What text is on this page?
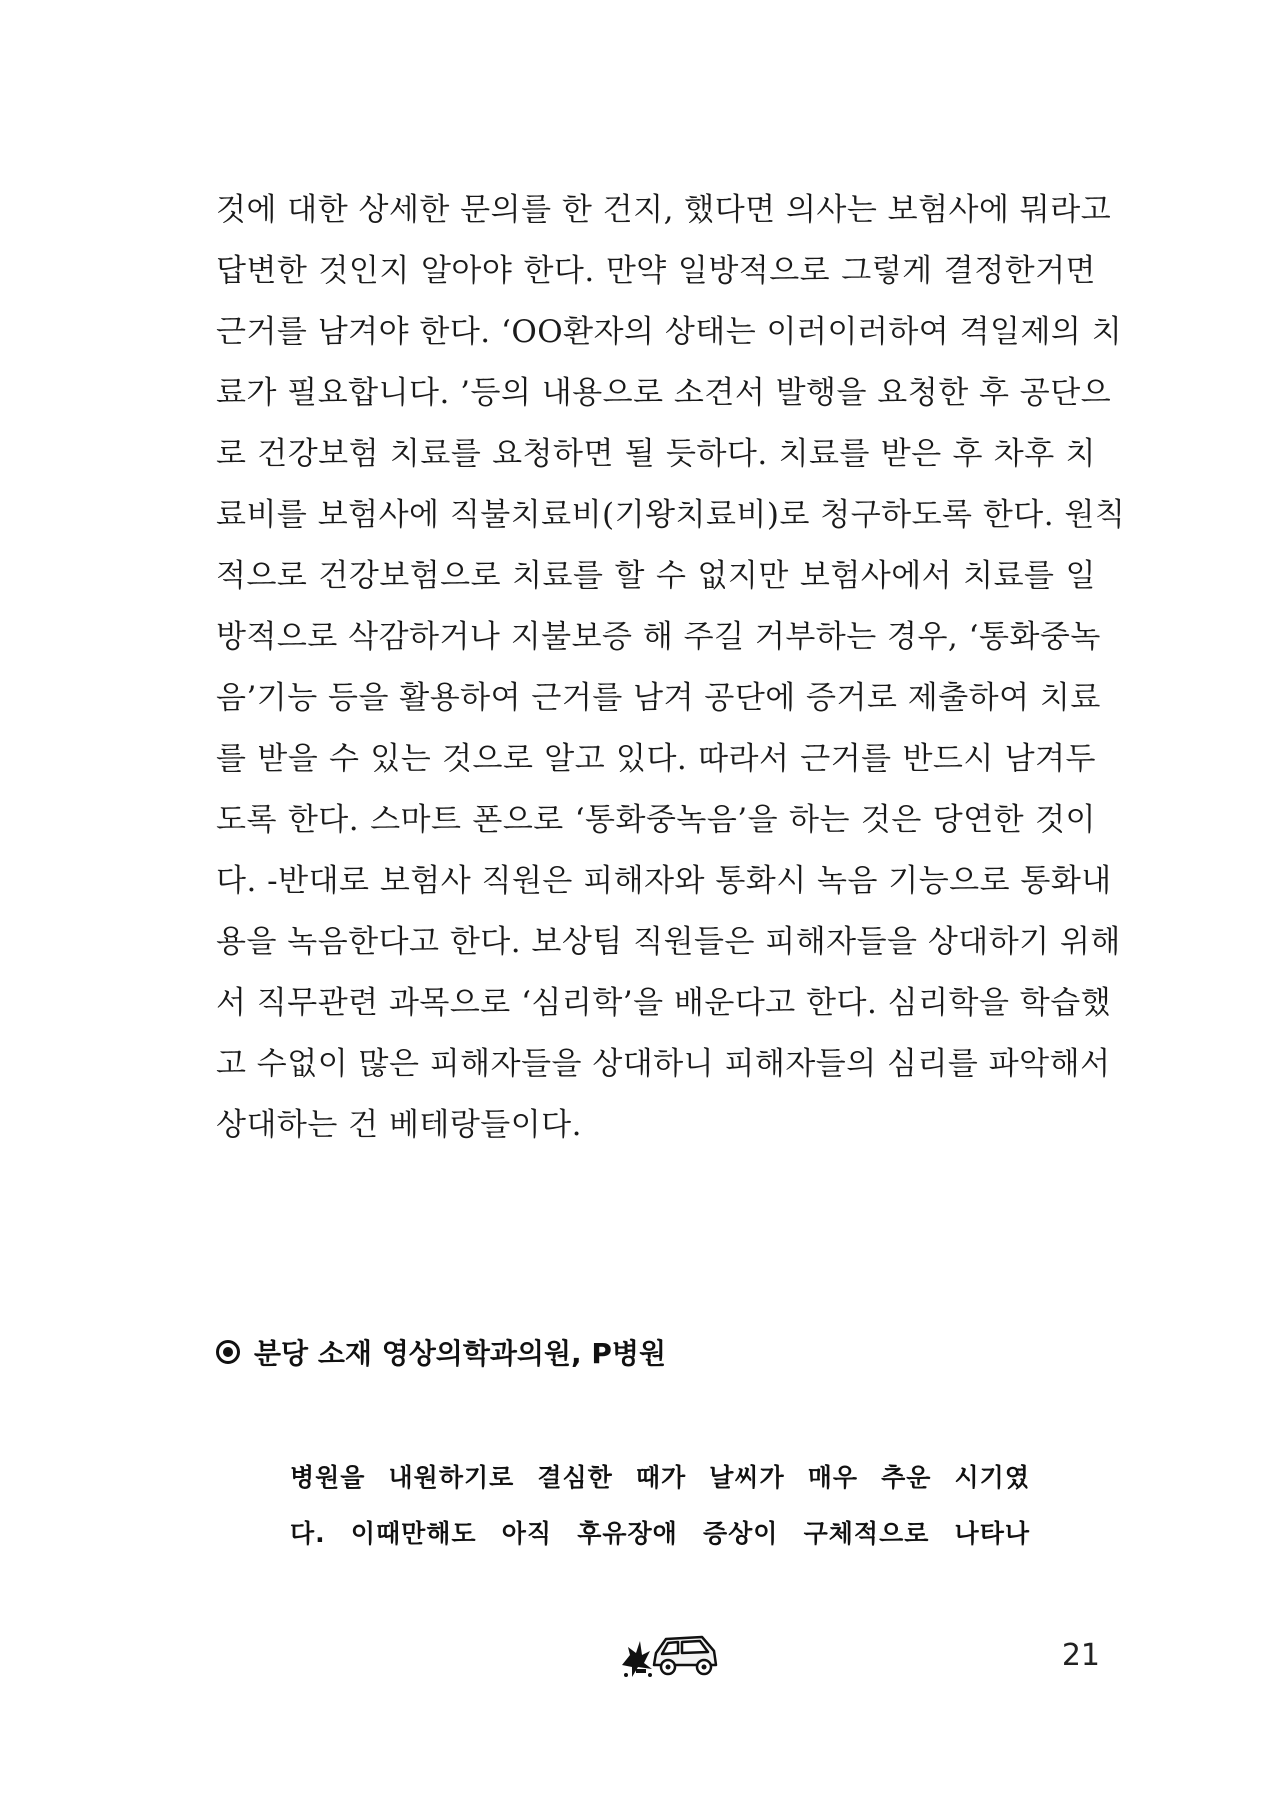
것에 대한 상세한 문의를 한 건지, 했다면 의사는 보험사에 뭐라고
답변한 것인지 알아야 한다. 만약 일방적으로 그렇게 결정한거면
근거를 남겨야 한다. ‘OO환자의 상태는 이러이러하여 격일제의 치
료가 필요합니다. ’등의 내용으로 소견서 발행을 요청한 후 공단으
로 건강보험 치료를 요청하면 될 듯하다. 치료를 받은 후 차후 치
료비를 보험사에 직불치료비(기왕치료비)로 청구하도록 한다. 원칙
적으로 건강보험으로 치료를 할 수 없지만 보험사에서 치료를 일
방적으로 삭감하거나 지불보증 해 주길 거부하는 경우, ‘통화중녹
음’기능 등을 활용하여 근거를 남겨 공단에 증거로 제출하여 치료
를 받을 수 있는 것으로 알고 있다. 따라서 근거를 반드시 남겨두
도록 한다. 스마트 폰으로 ‘통화중녹음’을 하는 것은 당연한 것이
다. -반대로 보험사 직원은 피해자와 통화시 녹음 기능으로 통화내
용을 녹음한다고 한다. 보상팀 직원들은 피해자들을 상대하기 위해
서 직무관련 과목으로 ‘심리학’을 배운다고 한다. 심리학을 학습했
고 수없이 많은 피해자들을 상대하니 피해자들의 심리를 파악해서
상대하는 건 베테랑들이다.
분당 소재 영상의학과의원, P병원
병원을 내원하기로 결심한 때가 날씨가 매우 추운 시기였
다. 이때만해도 아직 후유장애 증상이 구체적으로 나타나
21
